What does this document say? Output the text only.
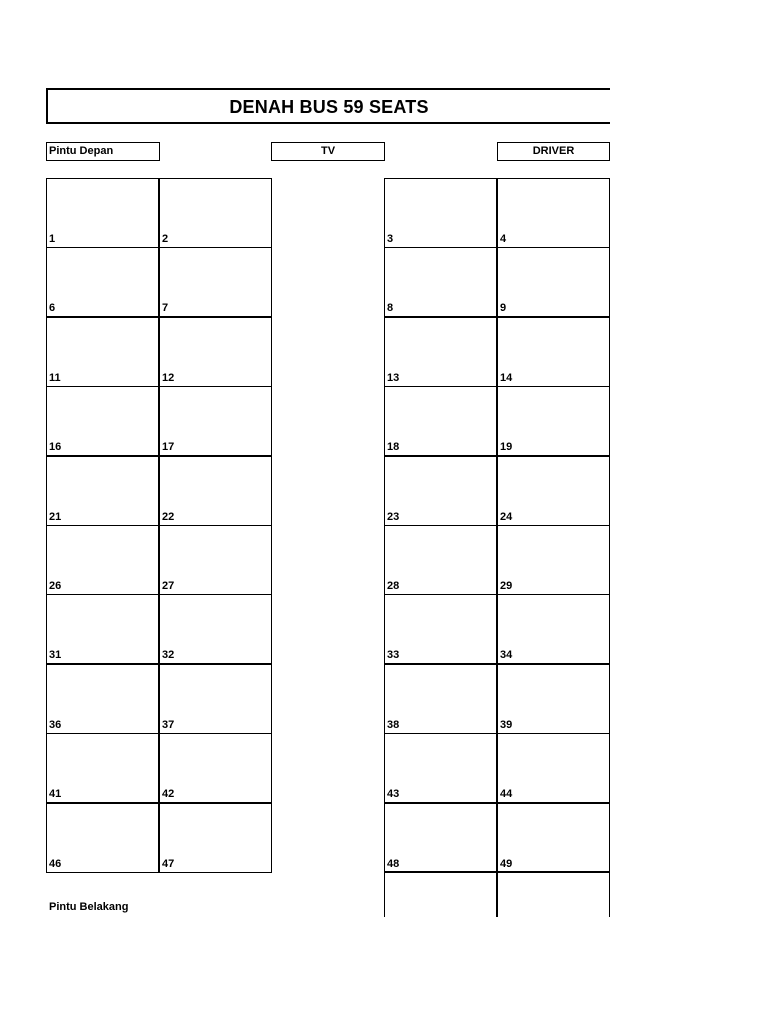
DENAH BUS 59 SEATS
Pintu Depan	TV	DRIVER
1	2	3	4
6	7	8	9
11	12	13	14
16	17	18	19
21	22	23	24
26	27	28	29
31	32	33	34
36	37	38	39
41	42	43	44
46	47	48	49
Pintu Belakang
